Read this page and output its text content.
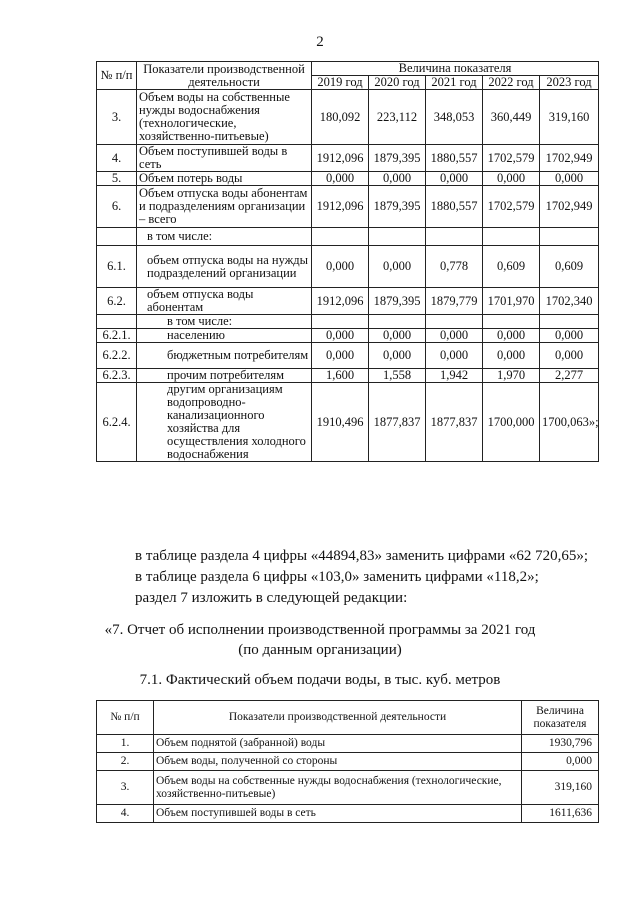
2
№ п/п	Показатели производственной деятельности	Величина показателя				
		2019 год	2020 год	2021 год	2022 год	2023 год
3.	Объем воды на собственные нужды водоснабжения (технологические, хозяйственно-питьевые)	180,092	223,112	348,053	360,449	319,160
4.	Объем поступившей воды в сеть	1912,096	1879,395	1880,557	1702,579	1702,949
5.	Объем потерь воды	0,000	0,000	0,000	0,000	0,000
6.	Объем отпуска воды абонентам и подразделениям организации – всего	1912,096	1879,395	1880,557	1702,579	1702,949
	в том числе:					
6.1.	объем отпуска воды на нужды подразделений организации	0,000	0,000	0,778	0,609	0,609
6.2.	объем отпуска воды абонентам	1912,096	1879,395	1879,779	1701,970	1702,340
	в том числе:					
6.2.1.	населению	0,000	0,000	0,000	0,000	0,000
6.2.2.	бюджетным потребителям	0,000	0,000	0,000	0,000	0,000
6.2.3.	прочим потребителям	1,600	1,558	1,942	1,970	2,277
6.2.4.	другим организациям водопроводно-канализационного хозяйства для осуществления холодного водоснабжения	1910,496	1877,837	1877,837	1700,000	1700,063»;
в таблице раздела 4 цифры «44894,83» заменить цифрами «62 720,65»;
в таблице раздела 6 цифры «103,0» заменить цифрами «118,2»;
раздел 7 изложить в следующей редакции:
«7. Отчет об исполнении производственной программы за 2021 год
(по данным организации)
7.1. Фактический объем подачи воды, в тыс. куб. метров
№ п/п	Показатели производственной деятельности	Величина показателя
1.	Объем поднятой (забранной) воды	1930,796
2.	Объем воды, полученной со стороны	0,000
3.	Объем воды на собственные нужды водоснабжения (технологические, хозяйственно-питьевые)	319,160
4.	Объем поступившей воды в сеть	1611,636
